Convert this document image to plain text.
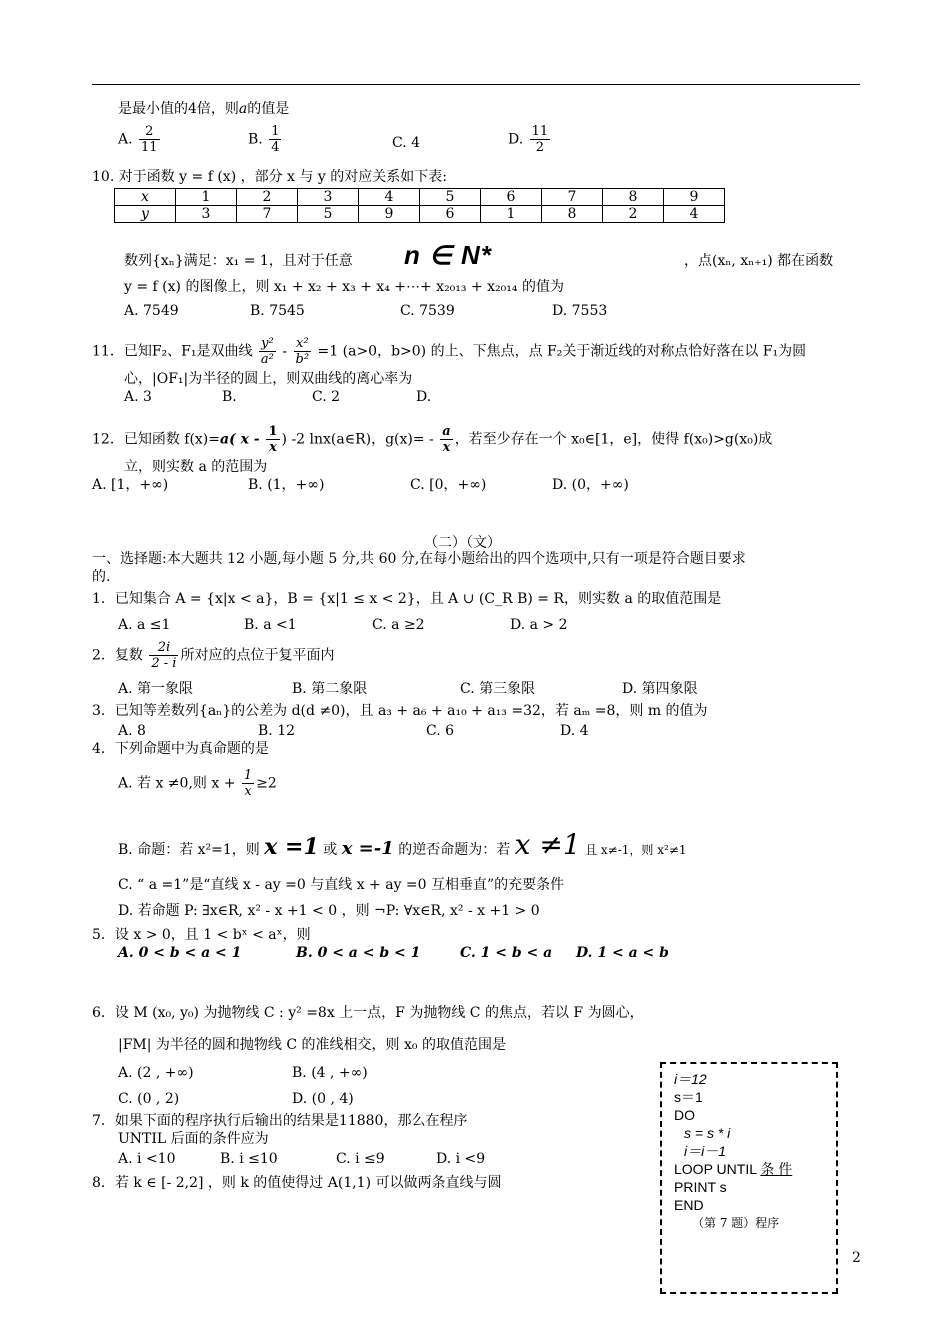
是最小值的4倍，则a的值是
A. $\frac{2}{11}$	B. $\frac{1}{4}$	C. 4	D. $\frac{11}{2}$
10. 对于函数 y = f (x) ，部分 x 与 y 的对应关系如下表:
x	1	2	3	4	5	6	7	8	9
y	3	7	5	9	6	1	8	2	4
数列{xₙ}满足：x₁ = 1，且对于任意 n ∈ N*	，点(xₙ, xₙ₊₁) 都在函数
y = f (x) 的图像上，则 x₁ + x₂ + x₃ + x₄ +⋯+ x₂₀₁₃ + x₂₀₁₄ 的值为
A. 7549	B. 7545	C. 7539	D. 7553
11．已知F₂、F₁是双曲线 $\frac{\text{y²}}{\text{a²}} - \frac{\text{x²}}{\text{b²}} =1$ (a>0，b>0) 的上、下焦点，点 F₂关于渐近线的对称点恰好落在以 F₁为圆
心，|OF₁|为半径的圆上，则双曲线的离心率为
A. 3	B.	C. 2	D.
12．已知函数 f(x)=a( x - $\frac{1}{x}$ ) -2 lnx(a∈R)，$g(x)= - \frac{a}{x}$ ，若至少存在一个 x₀∈[1，e]，使得 f(x₀)>g(x₀)成
立，则实数 a 的范围为
A. [1，+∞)	B. (1，+∞)	C. [0，+∞)	D. (0，+∞)
（二）（文）
一、选择题:本大题共 12 小题,每小题 5 分,共 60 分,在每小题给出的四个选项中,只有一项是符合题目要求
的.
1．已知集合 A = {x|x < a}，B = {x|1 ≤ x < 2}，且 A ∪ (C_R B) = R，则实数 a 的取值范围是
A. a ≤1	B. a <1	C. a ≥2	D. a > 2
2．复数 $\frac{2i}{2 - i}$ 所对应的点位于复平面内
A. 第一象限	B. 第二象限	C. 第三象限	D. 第四象限
3．已知等差数列{aₙ}的公差为 d(d ≠0)，且 a₃ + a₆ + a₁₀ + a₁₃ =32，若 aₘ =8，则 m 的值为
A. 8	B. 12	C. 6	D. 4
4．下列命题中为真命题的是
A. 若 x ≠0,则 $x + \frac{1}{x} \ge 2$
B. 命题：若 x²=1，则 x =1 或 x =-1 的逆否命题为：若 x ≠1 且 x≠-1，则 x²≠1
C. “ a =1”是“直线 x - ay =0 与直线 x + ay =0 互相垂直”的充要条件
D. 若命题 P: ∃x∈R, x² - x +1 < 0 ，则 ¬P: ∀x∈R, x² - x +1 > 0
5．设 x > 0，且 1 < bˣ < aˣ，则
A. 0 < b < a < 1	B. 0 < a < b < 1	C. 1 < b < a D. 1 < a < b
6．设 M (x₀, y₀) 为抛物线 C : y² =8x 上一点，F 为抛物线 C 的焦点，若以 F 为圆心，
|FM| 为半径的圆和抛物线 C 的准线相交，则 x₀ 的取值范围是
A. (2 , +∞)	B. (4 , +∞)
C. (0 , 2)	D. (0 , 4)
7．如果下面的程序执行后输出的结果是11880，那么在程序
UNTIL 后面的条件应为
A. i <10	B. i ≤10	C. i ≤9	D. i <9
8．若 k ∈ [- 2,2] ，则 k 的值使得过 A(1,1) 可以做两条直线与圆
i＝12
s＝1
DO
s = s * i
i＝i－1
LOOP UNTIL 条 件
PRINT s
END
（第 7 题）程序
2
